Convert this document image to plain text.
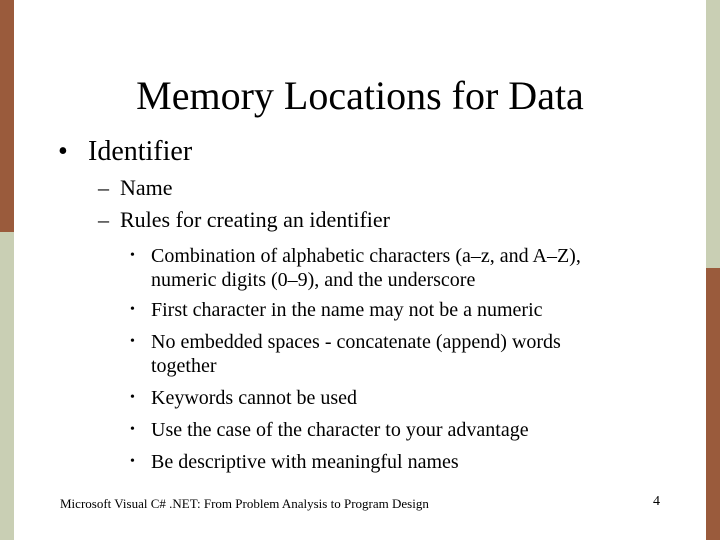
Memory Locations for Data
• Identifier
– Name
– Rules for creating an identifier
• Combination of alphabetic characters (a–z, and A–Z), numeric digits (0–9), and the underscore
• First character in the name may not be a numeric
• No embedded spaces - concatenate (append) words together
• Keywords cannot be used
• Use the case of the character to your advantage
• Be descriptive with meaningful names
Microsoft Visual C# .NET: From Problem Analysis to Program Design	4
